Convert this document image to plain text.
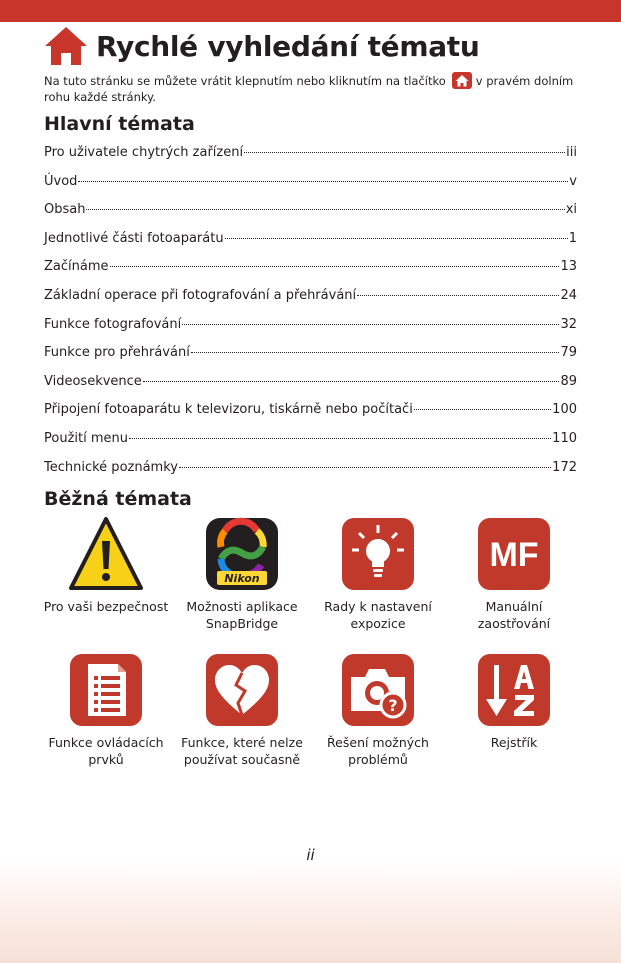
Rychlé vyhledání tématu

Na tuto stránku se můžete vrátit klepnutím nebo kliknutím na tlačítko	v pravém dolním rohu každé stránky.

Hlavní témata
Pro uživatele chytrých zařízení	iii
Úvod	v
Obsah	xi
Jednotlivé části fotoaparátu	1
Začínáme	13
Základní operace při fotografování a přehrávání	24
Funkce fotografování	32
Funkce pro přehrávání	79
Videosekvence	89
Připojení fotoaparátu k televizoru, tiskárně nebo počítači	100
Použití menu	110
Technické poznámky	172
Běžná témata
Pro vaši bezpečnost
Nikon
Možnosti aplikace SnapBridge
Rady k nastavení expozice
MF
Manuální zaostřování
Funkce ovládacích prvků
Funkce, které nelze používat současně
?
Řešení možných problémů
Rejstřík
ii
